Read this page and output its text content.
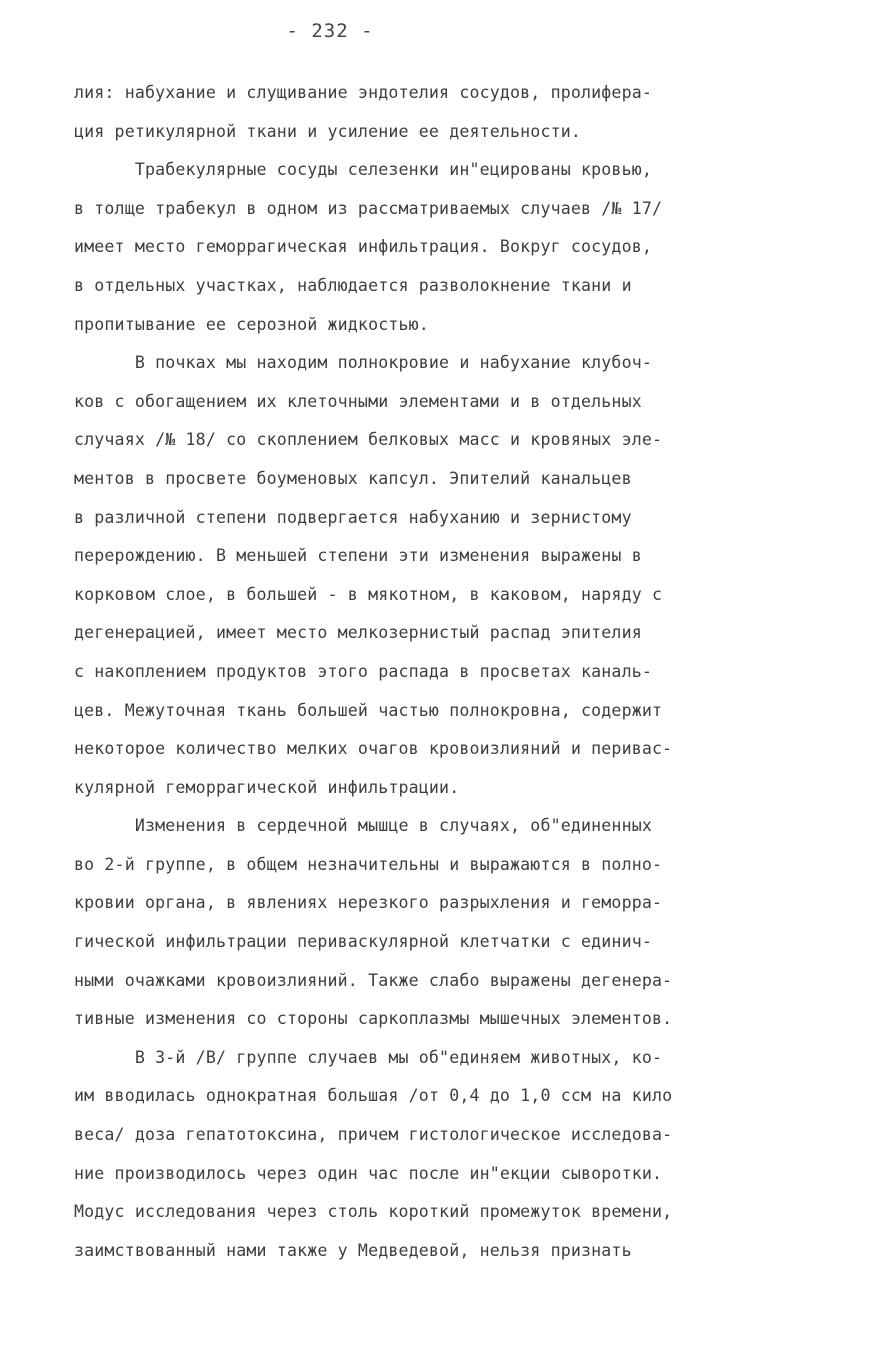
- 232 -
лия: набухание и слущивание эндотелия сосудов, пролифера-
ция ретикулярной ткани и усиление ее деятельности.
Трабекулярные сосуды селезенки ин"ецированы кровью,
в толще трабекул в одном из рассматриваемых случаев /№ 17/
имеет место геморрагическая инфильтрация. Вокруг сосудов,
в отдельных участках, наблюдается разволокнение ткани и
пропитывание ее серозной жидкостью.
В почках мы находим полнокровие и набухание клубоч-
ков с обогащением их клеточными элементами и в отдельных
случаях /№ 18/ со скоплением белковых масс и кровяных эле-
ментов в просвете боуменовых капсул. Эпителий канальцев
в различной степени подвергается набуханию и зернистому
перерождению. В меньшей степени эти изменения выражены в
корковом слое, в большей - в мякотном, в каковом, наряду с
дегенерацией, имеет место мелкозернистый распад эпителия
с накоплением продуктов этого распада в просветах каналь-
цев. Межуточная ткань большей частью полнокровна, содержит
некоторое количество мелких очагов кровоизлияний и перивас-
кулярной геморрагической инфильтрации.
Изменения в сердечной мышце в случаях, об"единенных
во 2-й группе, в общем незначительны и выражаются в полно-
кровии органа, в явлениях нерезкого разрыхления и геморра-
гической инфильтрации периваскулярной клетчатки с единич-
ными очажками кровоизлияний. Также слабо выражены дегенера-
тивные изменения со стороны саркоплазмы мышечных элементов.
В 3-й /В/ группе случаев мы об"единяем животных, ко-
им вводилась однократная большая /от 0,4 до 1,0 ссм на кило
веса/ доза гепатотоксина, причем гистологическое исследова-
ние производилось через один час после ин"екции сыворотки.
Модус исследования через столь короткий промежуток времени,
заимствованный нами также у Медведевой, нельзя признать
